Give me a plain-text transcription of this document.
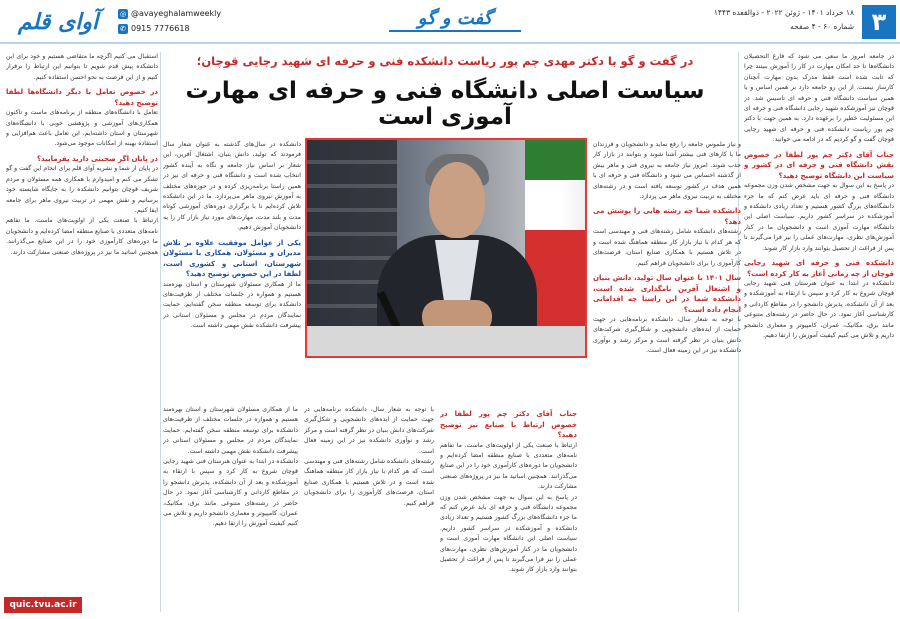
۳
۱۸ خرداد ۱۴۰۱ - ژوئن ۲۰۲۲ - ذوالقعده ۱۴۴۳
شماره ۶۰ - ۴ صفحه
گفت و گو
◎ @avayeghalamweekly
✆ 0915 7776618
آوای قلم
در گفت و گو با دکتر مهدی چم پور ریاست دانشکده فنی و حرفه ای شهید رجایی قوچان؛
سیاست اصلی دانشگاه فنی و حرفه ای مهارت آموزی است

در جامعه امروز ما سعی می شود که فارغ التحصیلان دانشگاه‌ها تا حد امکان مهارت در کار را آموزش ببینند چرا که ثابت شده است فقط مدرک بدون مهارت آنچنان کارساز نیست. از این رو جامعه دارد بر همین اساس و با همین سیاست دانشگاه فنی و حرفه ای تاسیس شد. در قوچان نیز آموزشکده شهید رجایی دانشگاه فنی و حرفه ای این مسئولیت خطیر را برعهده دارد. به همین جهت با دکتر چم پور ریاست دانشکده فنی و حرفه ای شهید رجایی قوچان گفت و گو کردیم که در ادامه می خوانید.

جناب آقای دکتر چم پور لطفا در خصوص نقش دانشگاه فنی و حرفه ای در کشور و سیاست این دانشگاه توضیح دهید؟

در پاسخ به این سوال به جهت مشخص شدن وزن مجموعه دانشگاه فنی و حرفه ای باید عرض کنم که ما جزء دانشگاه‌های بزرگ کشور هستیم و تعداد زیادی دانشکده و آموزشکده در سراسر کشور داریم. سیاست اصلی این دانشگاه مهارت آموزی است و دانشجویان ما در کنار آموزش‌های نظری، مهارت‌های عملی را نیز فرا می‌گیرند تا پس از فراغت از تحصیل بتوانند وارد بازار کار شوند.

دانشکده فنی و حرفه ای شهید رجایی قوچان از چه زمانی آغاز به کار کرده است؟

دانشکده در ابتدا به عنوان هنرستان فنی شهید رجایی قوچان شروع به کار کرد و سپس با ارتقاء به آموزشکده و بعد از آن دانشکده، پذیرش دانشجو را در مقاطع کاردانی و کارشناسی آغاز نمود. در حال حاضر در رشته‌های متنوعی مانند برق، مکانیک، عمران، کامپیوتر و معماری دانشجو داریم و تلاش می کنیم کیفیت آموزش را ارتقا دهیم.

و نیاز ملموس جامعه را رفع نماید و دانشجویان و فرزندان ما با کارهای فنی بیشتر آشنا شوند و بتوانند در بازار کار جذب شوند. امروز نیاز جامعه به نیروی فنی و ماهر بیش از گذشته احساس می شود و دانشگاه فنی و حرفه ای با همین هدف در کشور توسعه یافته است و در رشته‌های مختلف به تربیت نیروی ماهر می پردازد.

دانشکده شما چه رشته هایی را پوشش می دهد؟

رشته‌های دانشکده شامل رشته‌های فنی و مهندسی است که هر کدام با نیاز بازار کار منطقه هماهنگ شده است و در تلاش هستیم با همکاری صنایع استان، فرصت‌های کارآموزی را برای دانشجویان فراهم کنیم.

سال ۱۴۰۱ با عنوان سال تولید، دانش بنیان و اشتغال آفرین نامگذاری شده است، دانشکده شما در این راستا چه اقداماتی انجام داده است؟

با توجه به شعار سال، دانشکده برنامه‌هایی در جهت حمایت از ایده‌های دانشجویی و شکل‌گیری شرکت‌های دانش بنیان در نظر گرفته است و مرکز رشد و نوآوری دانشکده نیز در این زمینه فعال است.

دانشکده در سال‌های گذشته به عنوان شعار سال فرمودند که تولید، دانش بنیان، اشتغال آفرین، این شعار بر اساس نیاز جامعه و نگاه به آینده کشور انتخاب شده است و دانشگاه فنی و حرفه ای نیز در همین راستا برنامه‌ریزی کرده و در حوزه‌های مختلف به آموزش نیروی ماهر می‌پردازد. ما در این دانشکده تلاش کرده‌ایم تا با برگزاری دوره‌های آموزشی کوتاه مدت و بلند مدت، مهارت‌های مورد نیاز بازار کار را به دانشجویان آموزش دهیم.

یکی از عوامل موفقیت علاوه بر تلاش مدیران و مسئولان، همکاری با مسئولان شهرستان، استانی و کشوری است، لطفا در این خصوص توضیح دهید؟

ما از همکاری مسئولان شهرستان و استان بهره‌مند هستیم و همواره در جلسات مختلف از ظرفیت‌های دانشکده برای توسعه منطقه سخن گفته‌ایم. حمایت نمایندگان مردم در مجلس و مسئولان استانی در پیشرفت دانشکده نقش مهمی داشته است.

جناب آقای دکتر چم پور لطفا در خصوص ارتباط با صنایع نیز توضیح دهید؟

ارتباط با صنعت یکی از اولویت‌های ماست. ما تفاهم نامه‌های متعددی با صنایع منطقه امضا کرده‌ایم و دانشجویان ما دوره‌های کارآموزی خود را در این صنایع می‌گذرانند. همچنین اساتید ما نیز در پروژه‌های صنعتی مشارکت دارند.

در پاسخ به این سوال به جهت مشخص شدن وزن مجموعه دانشگاه فنی و حرفه ای باید عرض کنم که ما جزء دانشگاه‌های بزرگ کشور هستیم و تعداد زیادی دانشکده و آموزشکده در سراسر کشور داریم. سیاست اصلی این دانشگاه مهارت آموزی است و دانشجویان ما در کنار آموزش‌های نظری، مهارت‌های عملی را نیز فرا می‌گیرند تا پس از فراغت از تحصیل بتوانند وارد بازار کار شوند.

با توجه به شعار سال، دانشکده برنامه‌هایی در جهت حمایت از ایده‌های دانشجویی و شکل‌گیری شرکت‌های دانش بنیان در نظر گرفته است و مرکز رشد و نوآوری دانشکده نیز در این زمینه فعال است.

رشته‌های دانشکده شامل رشته‌های فنی و مهندسی است که هر کدام با نیاز بازار کار منطقه هماهنگ شده است و در تلاش هستیم با همکاری صنایع استان، فرصت‌های کارآموزی را برای دانشجویان فراهم کنیم.

ما از همکاری مسئولان شهرستان و استان بهره‌مند هستیم و همواره در جلسات مختلف از ظرفیت‌های دانشکده برای توسعه منطقه سخن گفته‌ایم. حمایت نمایندگان مردم در مجلس و مسئولان استانی در پیشرفت دانشکده نقش مهمی داشته است.

دانشکده در ابتدا به عنوان هنرستان فنی شهید رجایی قوچان شروع به کار کرد و سپس با ارتقاء به آموزشکده و بعد از آن دانشکده، پذیرش دانشجو را در مقاطع کاردانی و کارشناسی آغاز نمود. در حال حاضر در رشته‌های متنوعی مانند برق، مکانیک، عمران، کامپیوتر و معماری دانشجو داریم و تلاش می کنیم کیفیت آموزش را ارتقا دهیم.

استقبال می کنیم اگرچه ما متقاضی هستیم و خود برای این دانشکده پیش قدم شویم تا بتوانیم این ارتباط را برقرار کنیم و از این فرصت به نحو احسن استفاده کنیم.

در خصوص تعامل با دیگر دانشگاه‌ها لطفا توضیح دهید؟

تعامل با دانشگاه‌های منطقه از برنامه‌های ماست و تاکنون همکاری‌های آموزشی و پژوهشی خوبی با دانشگاه‌های شهرستان و استان داشته‌ایم. این تعامل باعث هم‌افزایی و استفاده بهینه از امکانات موجود می‌شود.

در پایان اگر صحبتی دارید بفرمایید؟

در پایان از شما و نشریه آوای قلم برای انجام این گفت و گو تشکر می کنم و امیدوارم با همکاری همه مسئولان و مردم شریف قوچان بتوانیم دانشکده را به جایگاه شایسته خود برسانیم و نقش مهمی در تربیت نیروی ماهر برای جامعه ایفا کنیم.

ارتباط با صنعت یکی از اولویت‌های ماست. ما تفاهم نامه‌های متعددی با صنایع منطقه امضا کرده‌ایم و دانشجویان ما دوره‌های کارآموزی خود را در این صنایع می‌گذرانند. همچنین اساتید ما نیز در پروژه‌های صنعتی مشارکت دارند.

quic.tvu.ac.ir
